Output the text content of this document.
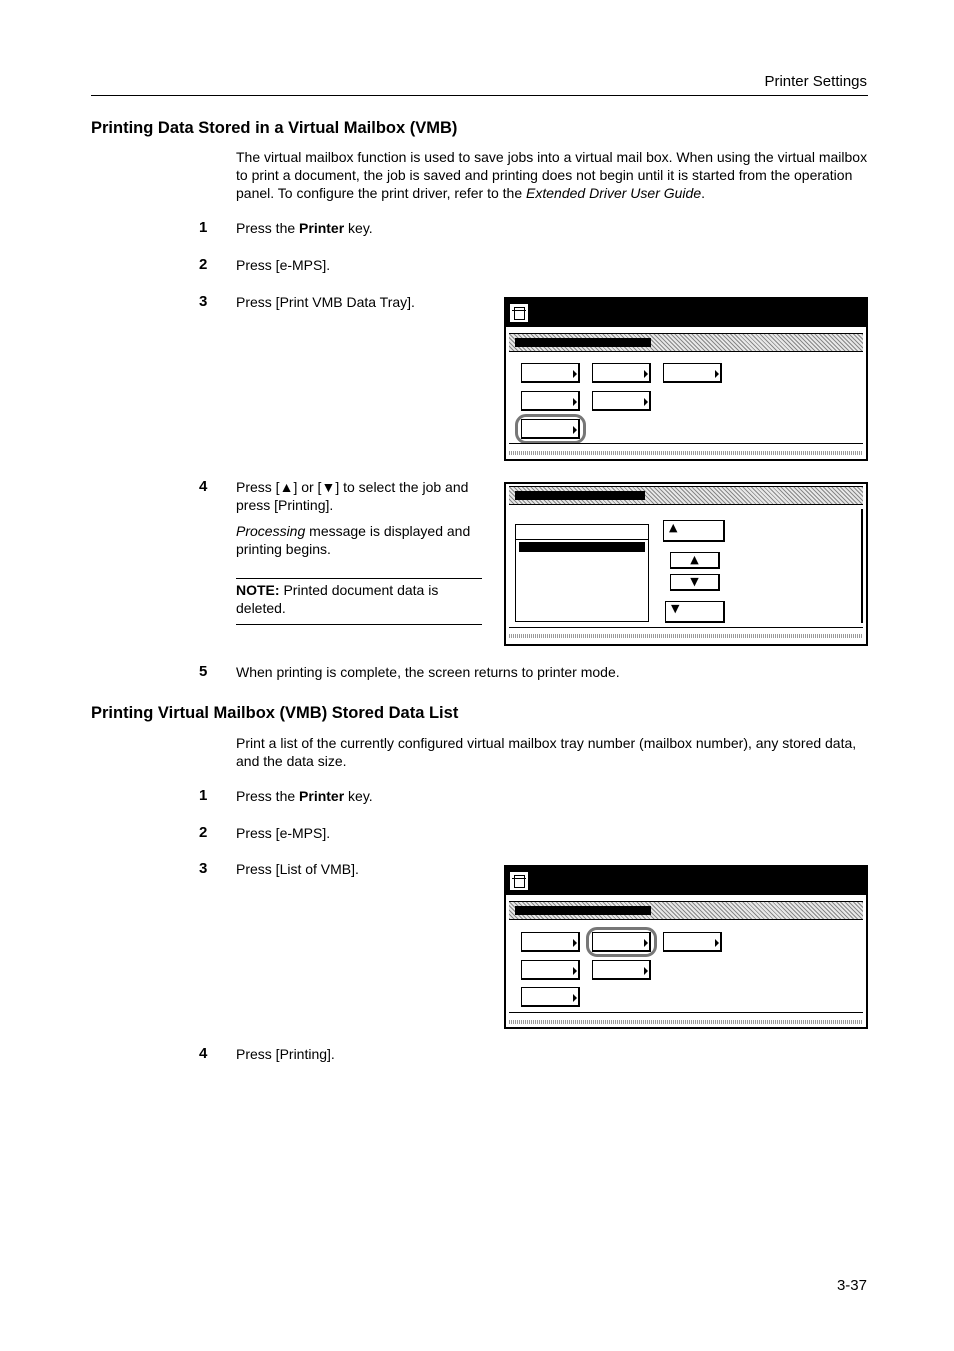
Printer Settings
Printing Data Stored in a Virtual Mailbox (VMB)
The virtual mailbox function is used to save jobs into a virtual mail box. When using the virtual mailbox to print a document, the job is saved and printing does not begin until it is started from the operation panel. To configure the print driver, refer to the Extended Driver User Guide.
1 Press the Printer key.
2 Press [e-MPS].
3 Press [Print VMB Data Tray].
4 Press [▲] or [▼] to select the job and press [Printing].
Processing message is displayed and printing begins.
NOTE: Printed document data is deleted.
▲
▲
▼
▼
5 When printing is complete, the screen returns to printer mode.
Printing Virtual Mailbox (VMB) Stored Data List
Print a list of the currently configured virtual mailbox tray number (mailbox number), any stored data, and the data size.
1 Press the Printer key.
2 Press [e-MPS].
3 Press [List of VMB].
4 Press [Printing].
3-37
